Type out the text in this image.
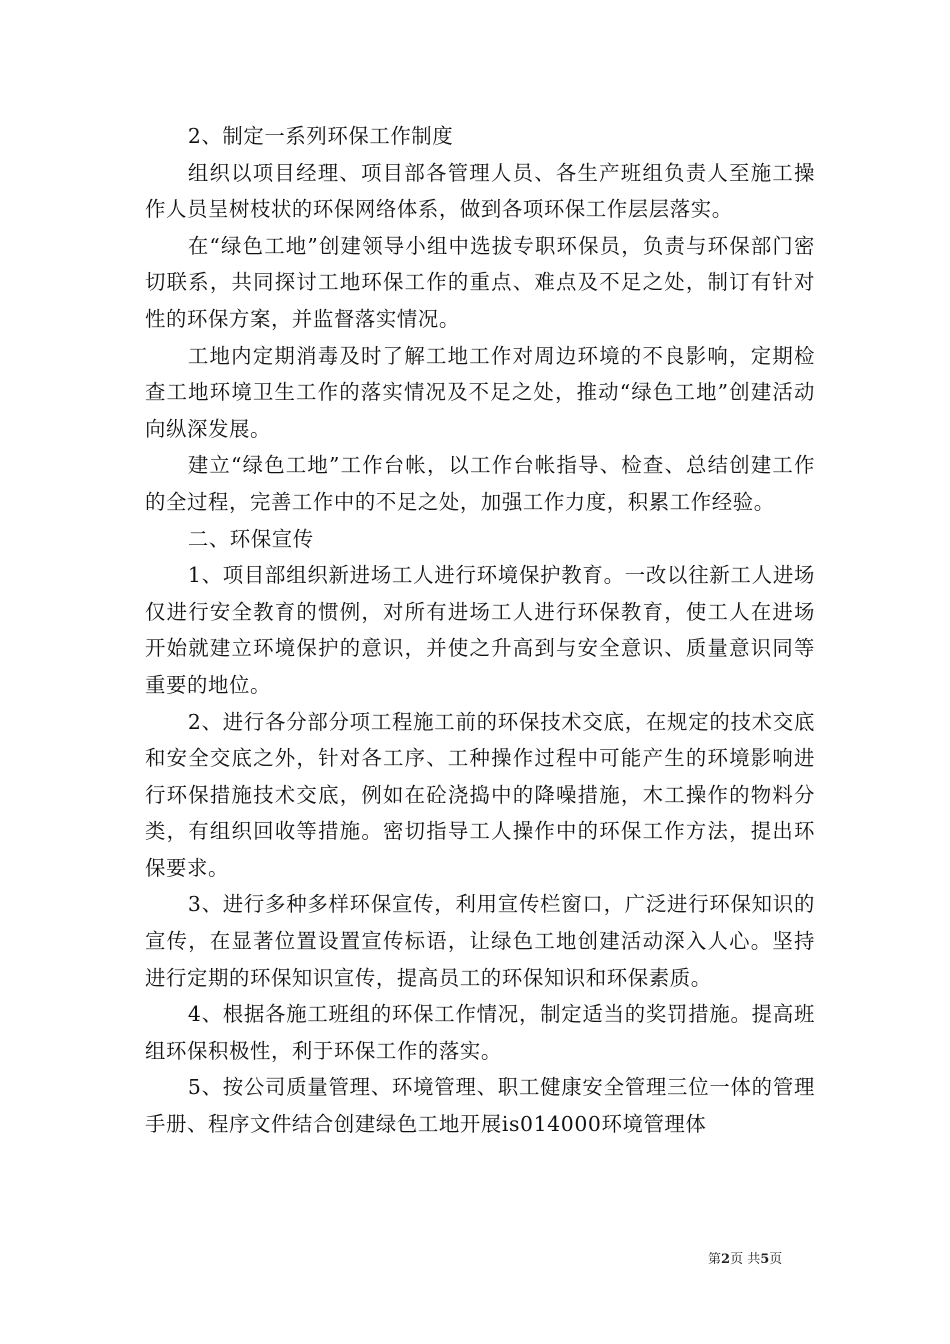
2、制定一系列环保工作制度

组织以项目经理、项目部各管理人员、各生产班组负责人至施工操作人员呈树枝状的环保网络体系，做到各项环保工作层层落实。

在“绿色工地”创建领导小组中选拔专职环保员，负责与环保部门密切联系，共同探讨工地环保工作的重点、难点及不足之处，制订有针对性的环保方案，并监督落实情况。

工地内定期消毒及时了解工地工作对周边环境的不良影响，定期检查工地环境卫生工作的落实情况及不足之处，推动“绿色工地”创建活动向纵深发展。

建立“绿色工地”工作台帐，以工作台帐指导、检查、总结创建工作的全过程，完善工作中的不足之处，加强工作力度，积累工作经验。

二、环保宣传

1、项目部组织新进场工人进行环境保护教育。一改以往新工人进场仅进行安全教育的惯例，对所有进场工人进行环保教育，使工人在进场开始就建立环境保护的意识，并使之升高到与安全意识、质量意识同等重要的地位。

2、进行各分部分项工程施工前的环保技术交底，在规定的技术交底和安全交底之外，针对各工序、工种操作过程中可能产生的环境影响进行环保措施技术交底，例如在砼浇捣中的降噪措施，木工操作的物料分类，有组织回收等措施。密切指导工人操作中的环保工作方法，提出环保要求。

3、进行多种多样环保宣传，利用宣传栏窗口，广泛进行环保知识的宣传，在显著位置设置宣传标语，让绿色工地创建活动深入人心。坚持进行定期的环保知识宣传，提高员工的环保知识和环保素质。

4、根据各施工班组的环保工作情况，制定适当的奖罚措施。提高班组环保积极性，利于环保工作的落实。

5、按公司质量管理、环境管理、职工健康安全管理三位一体的管理手册、程序文件结合创建绿色工地开展is014000环境管理体

第2页 共5页
